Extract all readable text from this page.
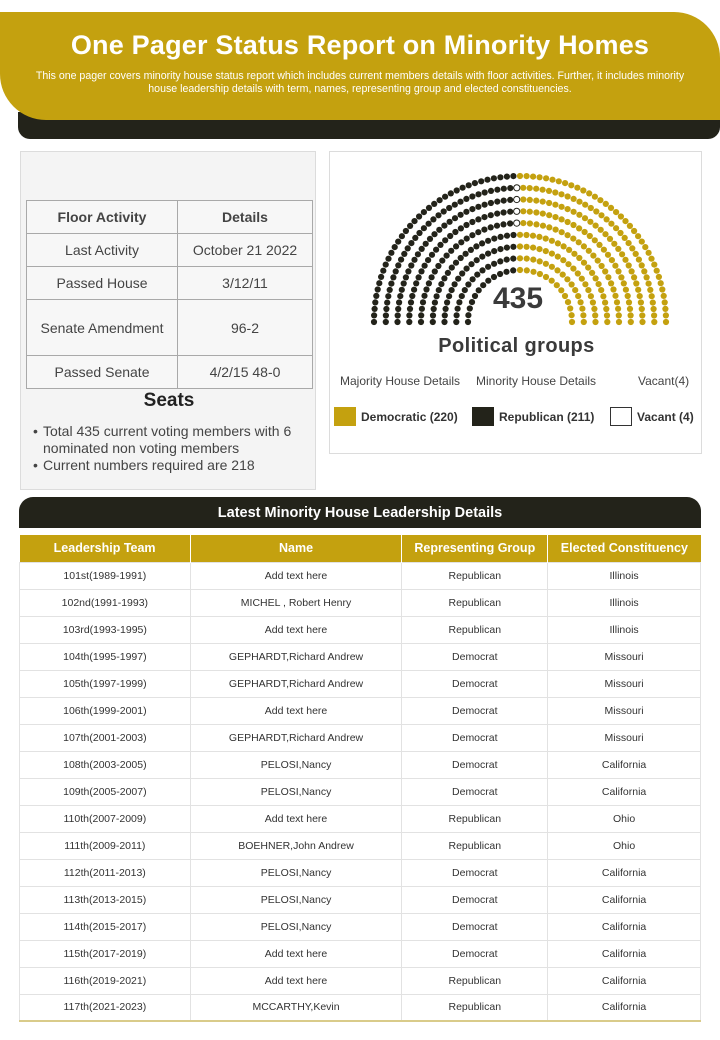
One Pager Status Report on Minority Homes
This one pager covers minority house status report which includes current members details with floor activities. Further, it includes minority house leadership details with term, names, representing group and elected constituencies.
Floor Activity	Details
Last Activity	October 21 2022
Passed House	3/12/11
Senate Amendment	96-2
Passed Senate	4/2/15 48-0
Seats
• Total 435 current voting members with 6 nominated non voting members
• Current numbers required are 218
Political groups
Majority House Details Minority House Details	Vacant(4)
Democratic (220)	Republican (211)	Vacant (4)
435
Latest Minority House Leadership Details
Leadership Team	Name	Representing Group	Elected Constituency
101st(1989-1991)	Add text here	Republican	Illinois
102nd(1991-1993)	MICHEL , Robert Henry	Republican	Illinois
103rd(1993-1995)	Add text here	Republican	Illinois
104th(1995-1997)	GEPHARDT,Richard Andrew	Democrat	Missouri
105th(1997-1999)	GEPHARDT,Richard Andrew	Democrat	Missouri
106th(1999-2001)	Add text here	Democrat	Missouri
107th(2001-2003)	GEPHARDT,Richard Andrew	Democrat	Missouri
108th(2003-2005)	PELOSI,Nancy	Democrat	California
109th(2005-2007)	PELOSI,Nancy	Democrat	California
110th(2007-2009)	Add text here	Republican	Ohio
111th(2009-2011)	BOEHNER,John Andrew	Republican	Ohio
112th(2011-2013)	PELOSI,Nancy	Democrat	California
113th(2013-2015)	PELOSI,Nancy	Democrat	California
114th(2015-2017)	PELOSI,Nancy	Democrat	California
115th(2017-2019)	Add text here	Democrat	California
116th(2019-2021)	Add text here	Republican	California
117th(2021-2023)	MCCARTHY,Kevin	Republican	California
